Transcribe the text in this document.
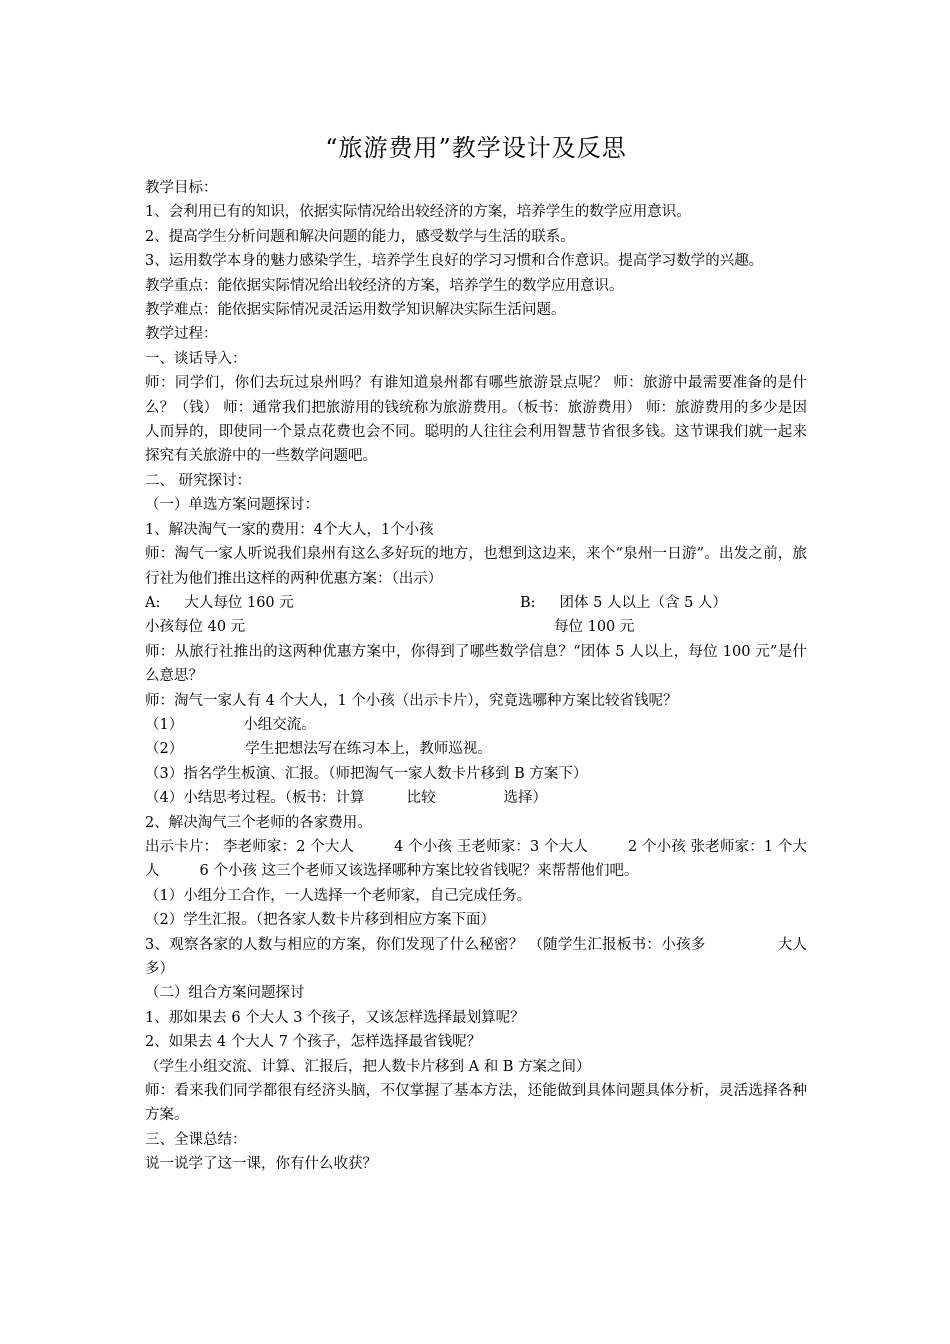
“旅游费用”教学设计及反思

教学目标：

1、会利用已有的知识，依据实际情况给出较经济的方案，培养学生的数学应用意识。

2、提高学生分析问题和解决问题的能力，感受数学与生活的联系。

3、运用数学本身的魅力感染学生，培养学生良好的学习习惯和合作意识。提高学习数学的兴趣。

教学重点：能依据实际情况给出较经济的方案，培养学生的数学应用意识。

教学难点：能依据实际情况灵活运用数学知识解决实际生活问题。

教学过程：

一、谈话导入：

师：同学们，你们去玩过泉州吗？有谁知道泉州都有哪些旅游景点呢？ 师：旅游中最需要准备的是什么？（钱） 师：通常我们把旅游用的钱统称为旅游费用。（板书：旅游费用） 师：旅游费用的多少是因人而异的，即使同一个景点花费也会不同。聪明的人往往会利用智慧节省很多钱。这节课我们就一起来探究有关旅游中的一些数学问题吧。

二、 研究探讨：

（一）单选方案问题探讨：

1、解决淘气一家的费用：4个大人，1个小孩

师：淘气一家人听说我们泉州有这么多好玩的地方，也想到这边来，来个“泉州一日游”。出发之前，旅行社为他们推出这样的两种优惠方案：（出示）

A: 大人每位 160 元	B: 团体 5 人以上（含 5 人）
小孩每位 40 元	每位 100 元

师：从旅行社推出的这两种优惠方案中，你得到了哪些数学信息？“团体 5 人以上，每位 100 元”是什么意思？

师：淘气一家人有 4 个大人，1 个小孩（出示卡片），究竟选哪种方案比较省钱呢？

（1）	小组交流。

（2）	学生把想法写在练习本上，教师巡视。

（3）指名学生板演、汇报。（师把淘气一家人数卡片移到 B 方案下）

（4）小结思考过程。（板书：计算	比较	选择）

2、解决淘气三个老师的各家费用。

出示卡片： 李老师家：2 个大人	4 个小孩 王老师家：3 个大人	2 个小孩 张老师家：1 个大人	6 个小孩 这三个老师又该选择哪种方案比较省钱呢？来帮帮他们吧。

（1）小组分工合作，一人选择一个老师家，自己完成任务。

（2）学生汇报。（把各家人数卡片移到相应方案下面）

3、观察各家的人数与相应的方案，你们发现了什么秘密？ （随学生汇报板书：小孩多	大人多）

（二）组合方案问题探讨

1、那如果去 6 个大人 3 个孩子，又该怎样选择最划算呢？

2、如果去 4 个大人 7 个孩子，怎样选择最省钱呢？

（学生小组交流、计算、汇报后，把人数卡片移到 A 和 B 方案之间）

师：看来我们同学都很有经济头脑，不仅掌握了基本方法，还能做到具体问题具体分析，灵活选择各种方案。

三、全课总结：

说一说学了这一课，你有什么收获？
